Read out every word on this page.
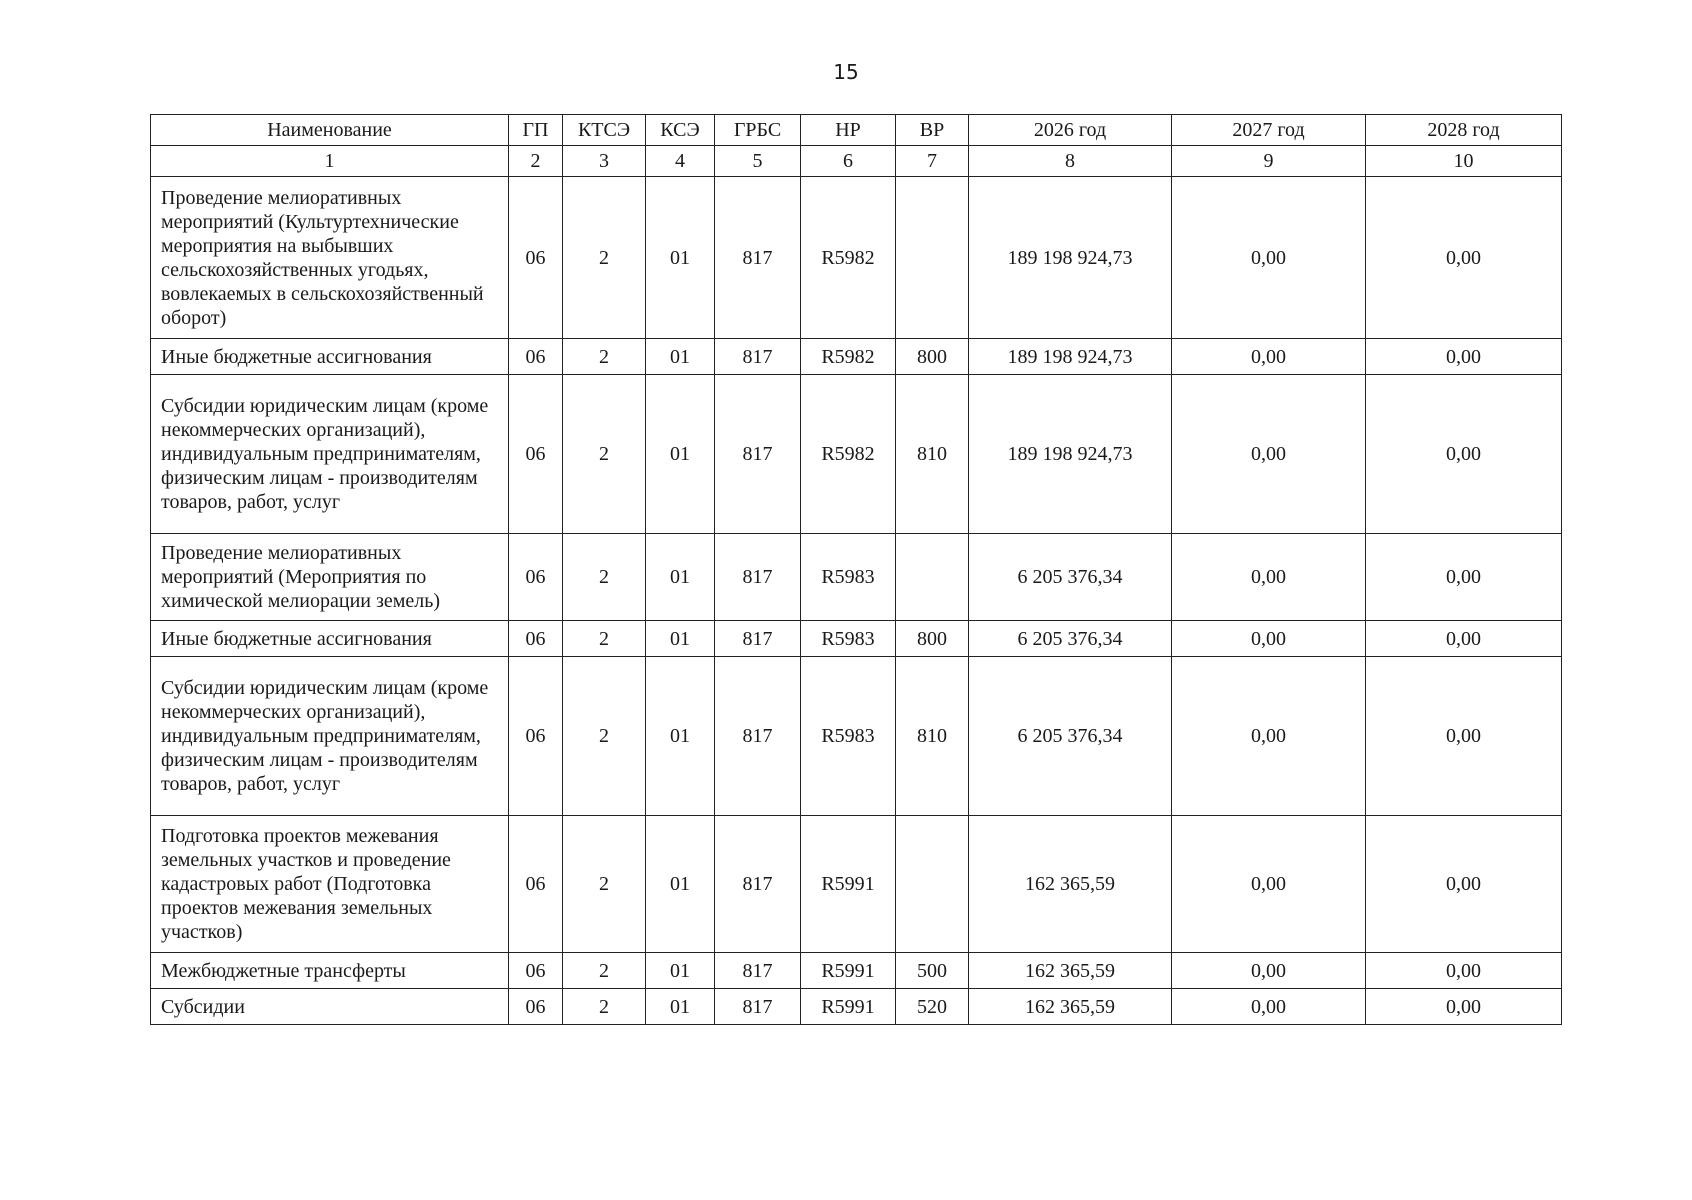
15
Наименование	ГП	КТСЭ	КСЭ	ГРБС	НР	ВР	2026 год	2027 год	2028 год
1	2	3	4	5	6	7	8	9	10
Проведение мелиоративных мероприятий (Культуртехнические мероприятия на выбывших сельскохозяйственных угодьях, вовлекаемых в сельскохозяйственный оборот)	06	2	01	817	R5982		189 198 924,73	0,00	0,00
Иные бюджетные ассигнования	06	2	01	817	R5982	800	189 198 924,73	0,00	0,00
Субсидии юридическим лицам (кроме некоммерческих организаций), индивидуальным предпринимателям, физическим лицам - производителям товаров, работ, услуг	06	2	01	817	R5982	810	189 198 924,73	0,00	0,00
Проведение мелиоративных мероприятий (Мероприятия по химической мелиорации земель)	06	2	01	817	R5983		6 205 376,34	0,00	0,00
Иные бюджетные ассигнования	06	2	01	817	R5983	800	6 205 376,34	0,00	0,00
Субсидии юридическим лицам (кроме некоммерческих организаций), индивидуальным предпринимателям, физическим лицам - производителям товаров, работ, услуг	06	2	01	817	R5983	810	6 205 376,34	0,00	0,00
Подготовка проектов межевания земельных участков и проведение кадастровых работ (Подготовка проектов межевания земельных участков)	06	2	01	817	R5991		162 365,59	0,00	0,00
Межбюджетные трансферты	06	2	01	817	R5991	500	162 365,59	0,00	0,00
Субсидии	06	2	01	817	R5991	520	162 365,59	0,00	0,00
